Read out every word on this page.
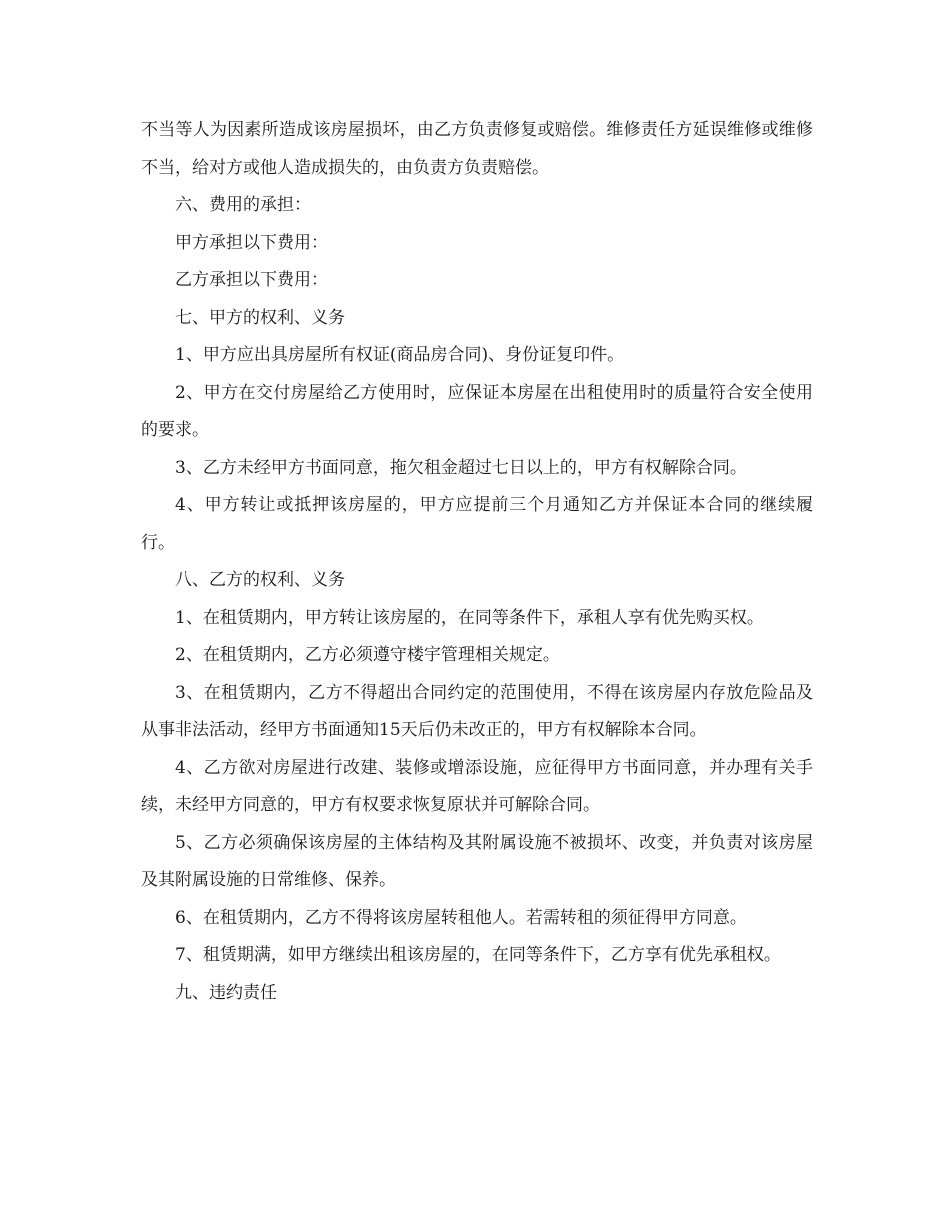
不当等人为因素所造成该房屋损坏，由乙方负责修复或赔偿。维修责任方延误维修或维修不当，给对方或他人造成损失的，由负责方负责赔偿。

六、费用的承担：

甲方承担以下费用：

乙方承担以下费用：

七、甲方的权利、义务

1、甲方应出具房屋所有权证(商品房合同)、身份证复印件。

2、甲方在交付房屋给乙方使用时，应保证本房屋在出租使用时的质量符合安全使用的要求。

3、乙方未经甲方书面同意，拖欠租金超过七日以上的，甲方有权解除合同。

4、甲方转让或抵押该房屋的，甲方应提前三个月通知乙方并保证本合同的继续履行。

八、乙方的权利、义务

1、在租赁期内，甲方转让该房屋的，在同等条件下，承租人享有优先购买权。

2、在租赁期内，乙方必须遵守楼宇管理相关规定。

3、在租赁期内，乙方不得超出合同约定的范围使用，不得在该房屋内存放危险品及从事非法活动，经甲方书面通知15天后仍未改正的，甲方有权解除本合同。

4、乙方欲对房屋进行改建、装修或增添设施，应征得甲方书面同意，并办理有关手续，未经甲方同意的，甲方有权要求恢复原状并可解除合同。

5、乙方必须确保该房屋的主体结构及其附属设施不被损坏、改变，并负责对该房屋及其附属设施的日常维修、保养。

6、在租赁期内，乙方不得将该房屋转租他人。若需转租的须征得甲方同意。

7、租赁期满，如甲方继续出租该房屋的，在同等条件下，乙方享有优先承租权。

九、违约责任
